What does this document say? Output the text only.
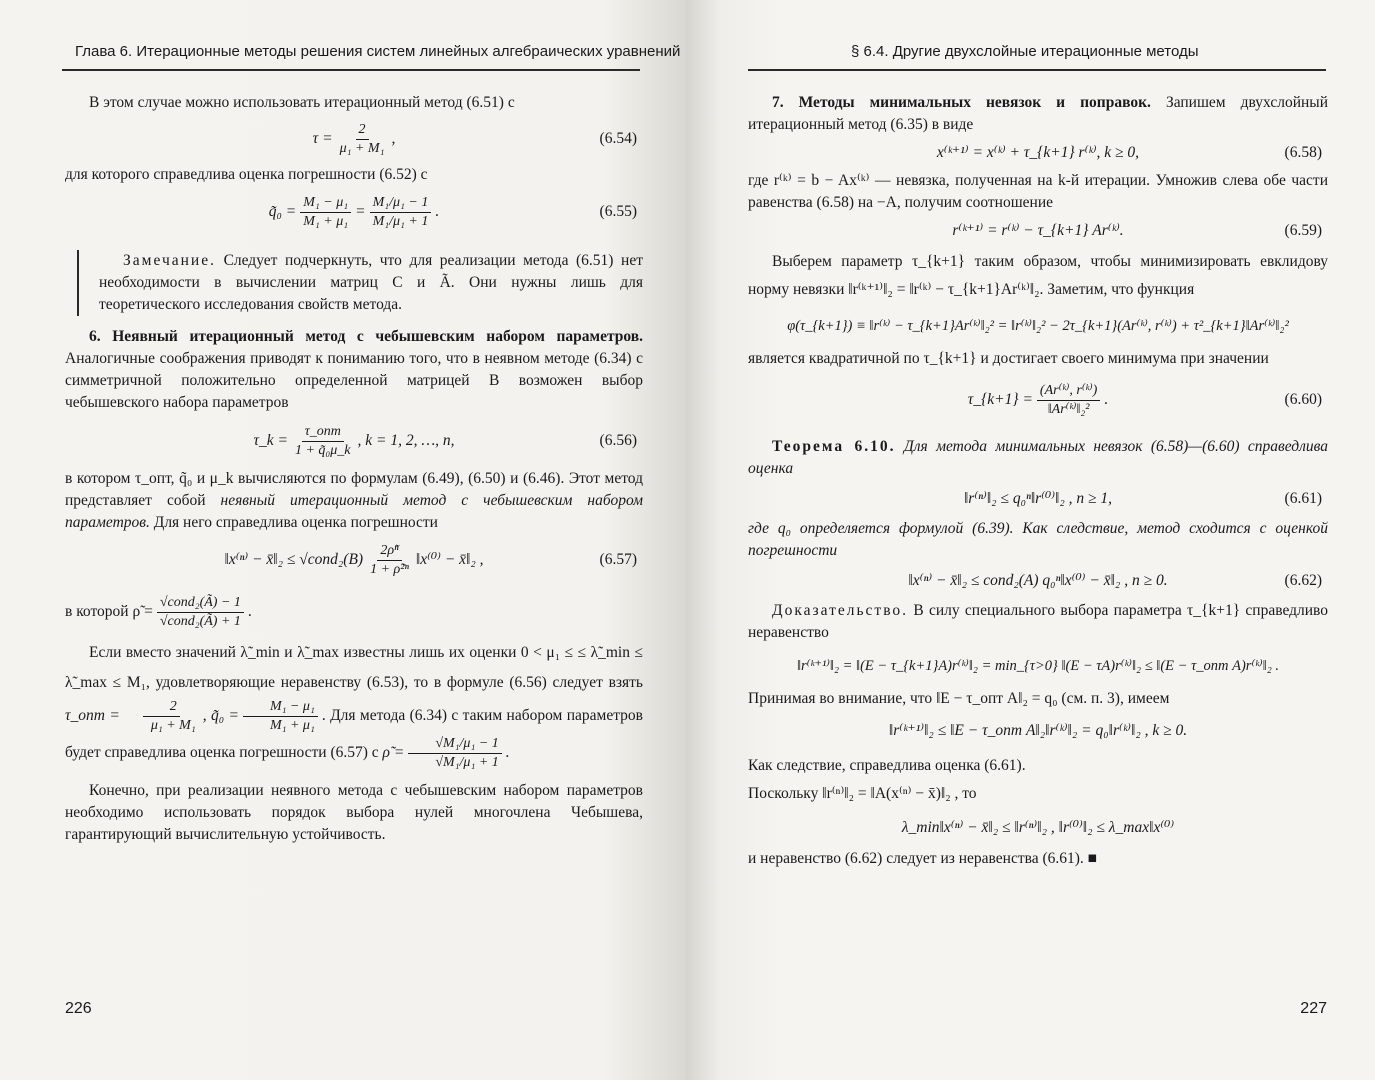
Глава 6. Итерационные методы решения систем линейных алгебраических уравнений

В этом случае можно использовать итерационный метод (6.51) с

$\tau = \frac{2}{\text{μ₁ + M₁}}$ ,	(6.54)

для которого справедлива оценка погрешности (6.52) с

q̃₀ = $\frac{\text{M₁ − μ₁}}{\text{M₁ + μ₁}} = \frac{\text{M₁/μ₁ − 1}}{\text{M₁/μ₁ + 1}}$ .	(6.55)

Замечание. Следует подчеркнуть, что для реализации метода (6.51) нет необходимости в вычислении матриц C и Ã. Они нужны лишь для теоретического исследования свойств метода.

6. Неявный итерационный метод с чебышевским набором параметров. Аналогичные соображения приводят к пониманию того, что в неявном методе (6.34) с симметричной положительно определенной матрицей B возможен выбор чебышевского набора параметров

τ_k = $\frac{\text{τ\_опт}}{\text{1 + q̃₀μ\_k}}$ , k = 1, 2, …, n,	(6.56)

в котором τ_опт, q̃₀ и μ_k вычисляются по формулам (6.49), (6.50) и (6.46). Этот метод представляет собой неявный итерационный метод с чебышевским набором параметров. Для него справедлива оценка погрешности

‖x⁽ⁿ⁾ − x̄‖₂ ≤ √cond₂(B) $\frac{\text{2ρ̃ⁿ}}{\text{1 + ρ̃²ⁿ}}$ ‖x⁽⁰⁾ − x̄‖₂ ,	(6.57)
в которой ρ̃ = $\frac{\text{√cond₂(Ã) − 1}}{\text{√cond₂(Ã) + 1}}$ .

Если вместо значений λ̃_min и λ̃_max известны лишь их оценки 0 < μ₁ ≤ ≤ λ̃_min ≤ λ̃_max ≤ M₁, удовлетворяющие неравенству (6.53), то в формуле (6.56) следует взять τ_опт = $\frac{2}{\text{μ₁ + M₁}}$ , q̃₀ = $\frac{\text{M₁ − μ₁}}{\text{M₁ + μ₁}}$ . Для метода (6.34) с таким набором параметров будет справедлива оценка погрешности (6.57) с ρ̃ = $\frac{\text{√M₁/μ₁ − 1}}{\text{√M₁/μ₁ + 1}}$ .

Конечно, при реализации неявного метода с чебышевским набором параметров необходимо использовать порядок выбора нулей многочлена Чебышева, гарантирующий вычислительную устойчивость.

226
§ 6.4. Другие двухслойные итерационные методы

7. Методы минимальных невязок и поправок. Запишем двухслойный итерационный метод (6.35) в виде

x⁽ᵏ⁺¹⁾ = x⁽ᵏ⁾ + τ_{k+1} r⁽ᵏ⁾, k ≥ 0,	(6.58)

где r⁽ᵏ⁾ = b − Ax⁽ᵏ⁾ — невязка, полученная на k-й итерации. Умножив слева обе части равенства (6.58) на −A, получим соотношение

r⁽ᵏ⁺¹⁾ = r⁽ᵏ⁾ − τ_{k+1} Ar⁽ᵏ⁾.	(6.59)

Выберем параметр τ_{k+1} таким образом, чтобы минимизировать евклидову норму невязки ‖r⁽ᵏ⁺¹⁾‖₂ = ‖r⁽ᵏ⁾ − τ_{k+1}Ar⁽ᵏ⁾‖₂. Заметим, что функция

φ(τ_{k+1}) ≡ ‖r⁽ᵏ⁾ − τ_{k+1}Ar⁽ᵏ⁾‖₂² = ‖r⁽ᵏ⁾‖₂² − 2τ_{k+1}(Ar⁽ᵏ⁾, r⁽ᵏ⁾) + τ²_{k+1}‖Ar⁽ᵏ⁾‖₂²

является квадратичной по τ_{k+1} и достигает своего минимума при значении

τ_{k+1} = $\frac{\text{(Ar⁽ᵏ⁾, r⁽ᵏ⁾)}}{\text{‖Ar⁽ᵏ⁾‖₂²}}$ .	(6.60)

Теорема 6.10. Для метода минимальных невязок (6.58)—(6.60) справедлива оценка

‖r⁽ⁿ⁾‖₂ ≤ q₀ⁿ‖r⁽⁰⁾‖₂ , n ≥ 1,	(6.61)

где q₀ определяется формулой (6.39). Как следствие, метод сходится с оценкой погрешности

‖x⁽ⁿ⁾ − x̄‖₂ ≤ cond₂(A) q₀ⁿ‖x⁽⁰⁾ − x̄‖₂ , n ≥ 0.	(6.62)

Доказательство. В силу специального выбора параметра τ_{k+1} справедливо неравенство

‖r⁽ᵏ⁺¹⁾‖₂ = ‖(E − τ_{k+1}A)r⁽ᵏ⁾‖₂ = min_{τ>0} ‖(E − τA)r⁽ᵏ⁾‖₂ ≤ ‖(E − τ_опт A)r⁽ᵏ⁾‖₂ .

Принимая во внимание, что ‖E − τ_опт A‖₂ = q₀ (см. п. 3), имеем

‖r⁽ᵏ⁺¹⁾‖₂ ≤ ‖E − τ_опт A‖₂‖r⁽ᵏ⁾‖₂ = q₀‖r⁽ᵏ⁾‖₂ , k ≥ 0.

Как следствие, справедлива оценка (6.61).

Поскольку ‖r⁽ⁿ⁾‖₂ = ‖A(x⁽ⁿ⁾ − x̄)‖₂ , то

λ_min‖x⁽ⁿ⁾ − x̄‖₂ ≤ ‖r⁽ⁿ⁾‖₂ , ‖r⁽⁰⁾‖₂ ≤ λ_max‖x⁽⁰⁾

и неравенство (6.62) следует из неравенства (6.61). ■

227
